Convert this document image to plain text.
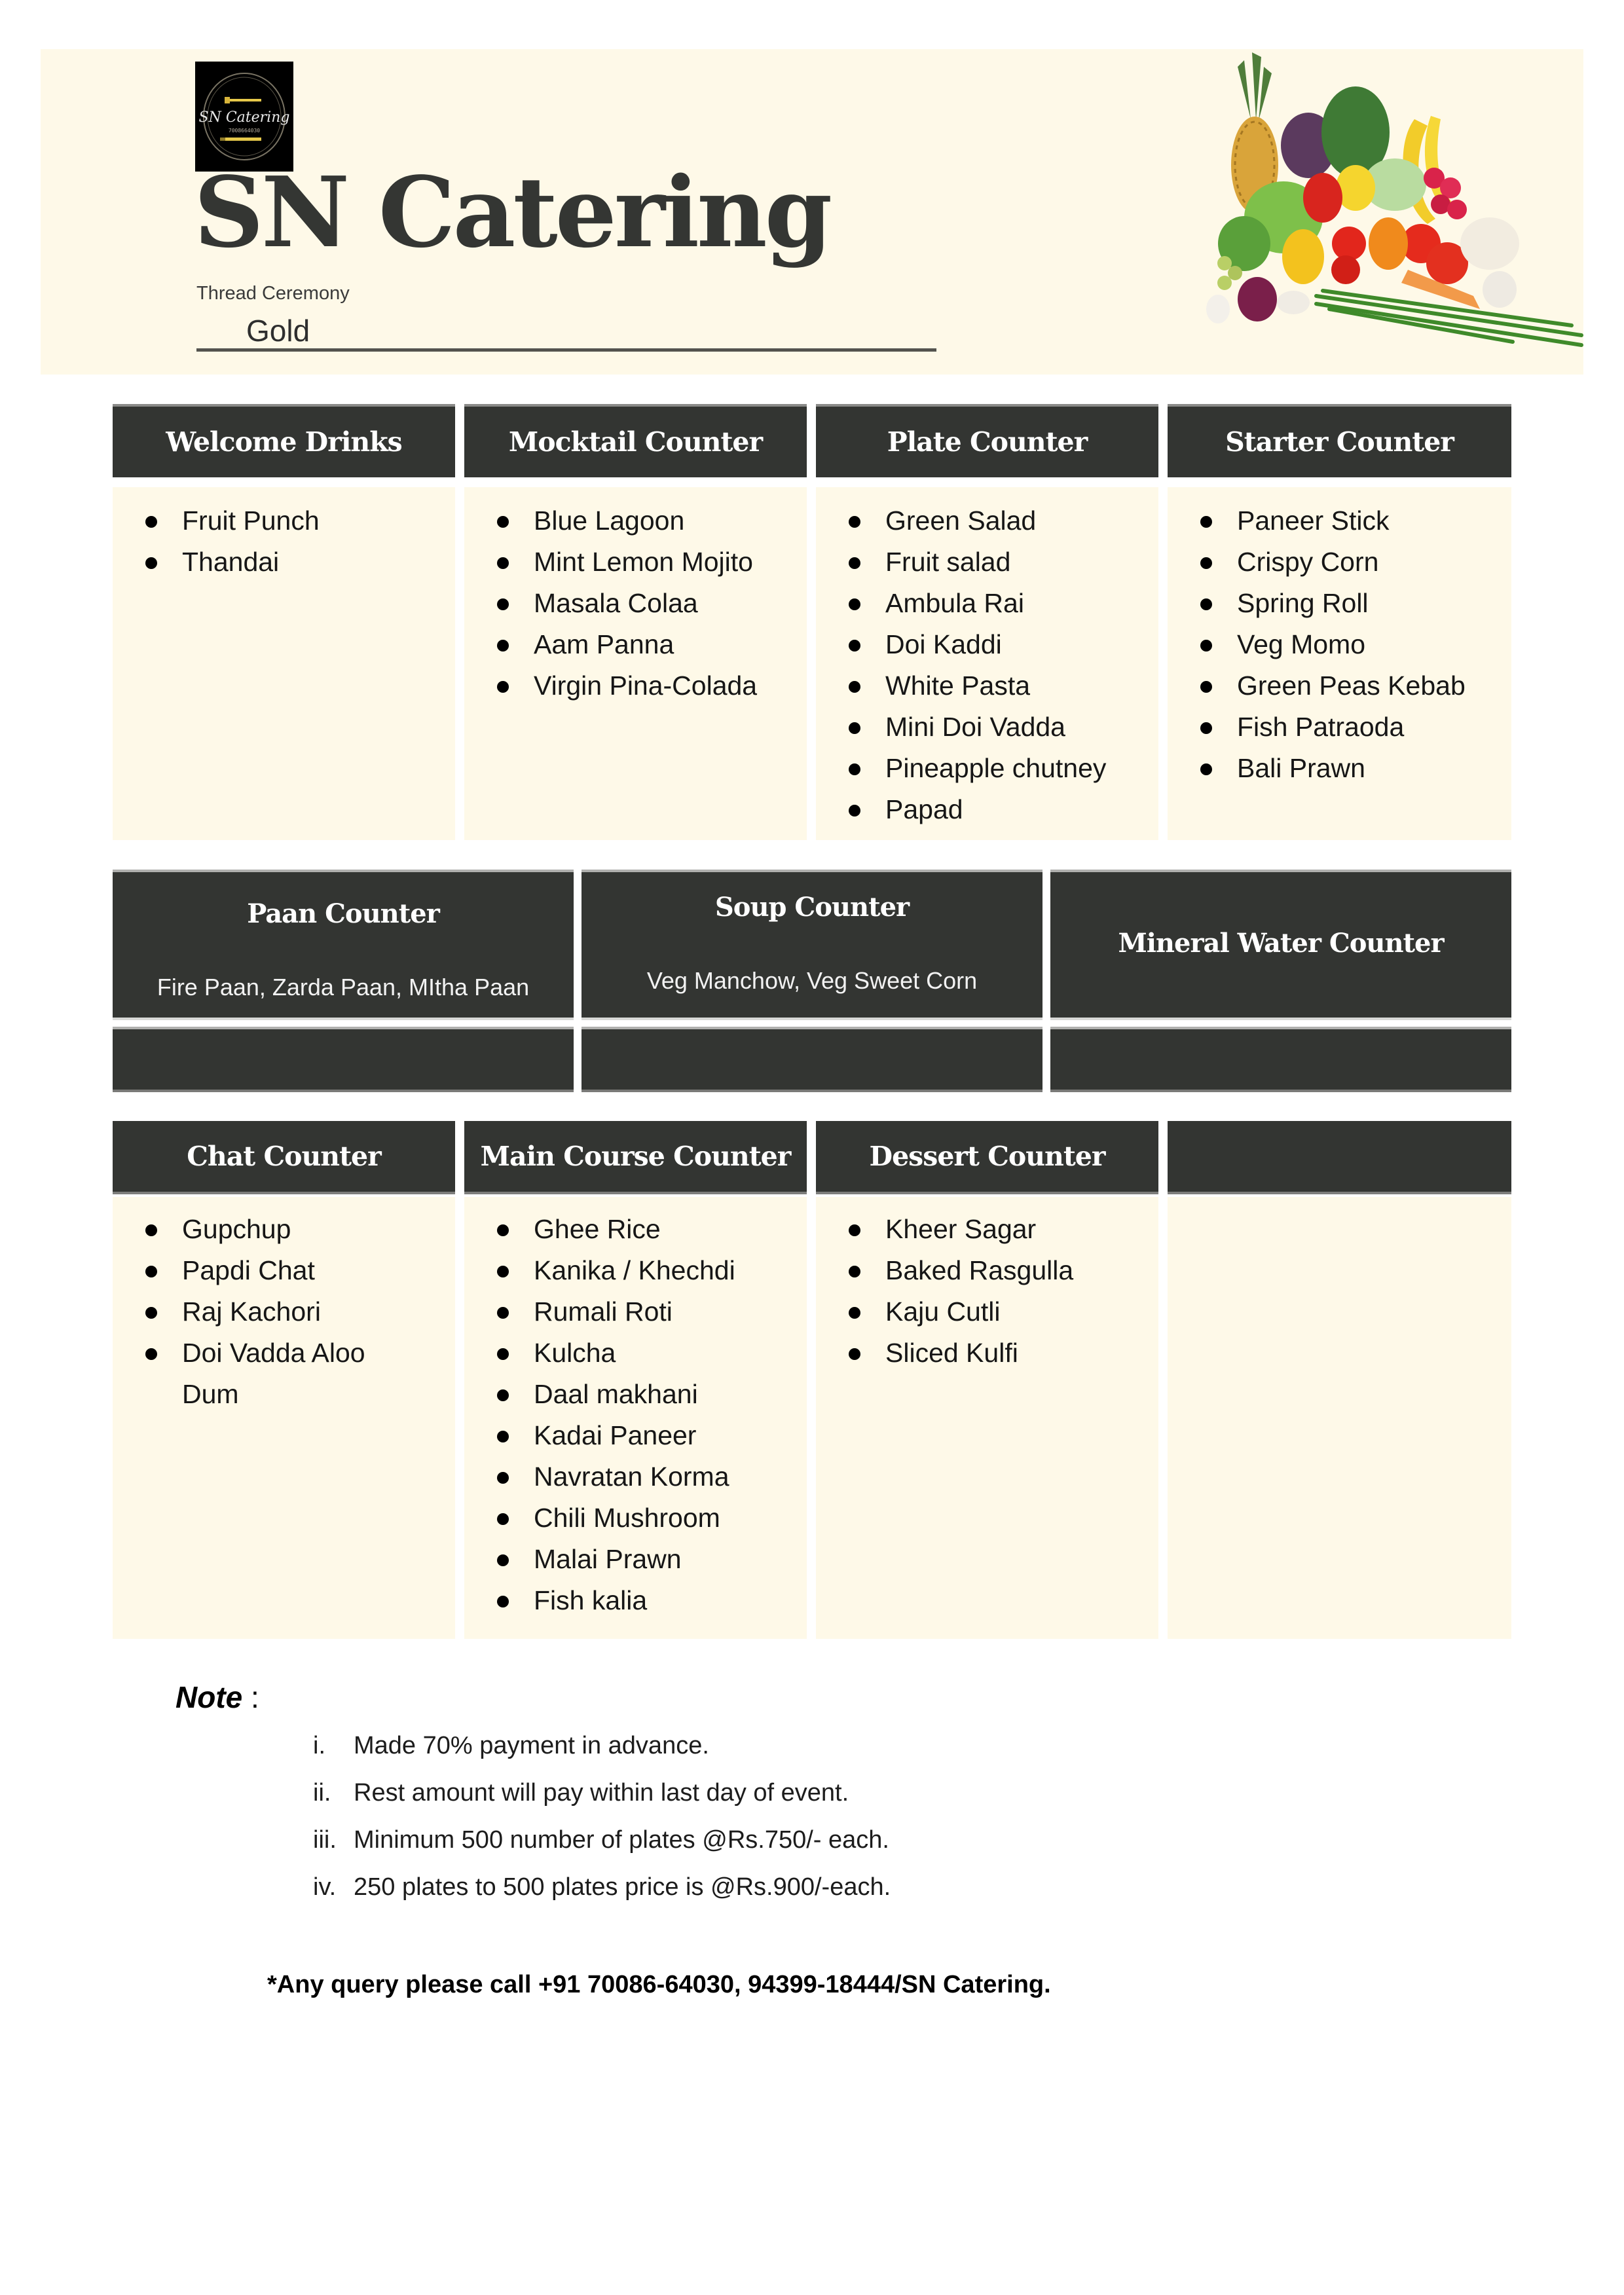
SN Catering
7008664030
SN Catering
Thread Ceremony
Gold
Welcome Drinks	Mocktail Counter	Plate Counter	Starter Counter
Fruit Punch
Thandai
Blue Lagoon
Mint Lemon Mojito
Masala Colaa
Aam Panna
Virgin Pina-Colada
Green Salad
Fruit salad
Ambula Rai
Doi Kaddi
White Pasta
Mini Doi Vadda
Pineapple chutney
Papad
Paneer Stick
Crispy Corn
Spring Roll
Veg Momo
Green Peas Kebab
Fish Patraoda
Bali Prawn
Paan Counter
Fire Paan, Zarda Paan, MItha Paan
Soup Counter
Veg Manchow, Veg Sweet Corn
Mineral Water Counter
Chat Counter	Main Course Counter	Dessert Counter
Gupchup
Papdi Chat
Raj Kachori
Doi Vadda Aloo Dum
Ghee Rice
Kanika / Khechdi
Rumali Roti
Kulcha
Daal makhani
Kadai Paneer
Navratan Korma
Chili Mushroom
Malai Prawn
Fish kalia
Kheer Sagar
Baked Rasgulla
Kaju Cutli
Sliced Kulfi
Note :
i. Made 70% payment in advance.
ii. Rest amount will pay within last day of event.
iii. Minimum 500 number of plates @Rs.750/- each.
iv. 250 plates to 500 plates price is @Rs.900/-each.
*Any query please call +91 70086-64030, 94399-18444/SN Catering.
